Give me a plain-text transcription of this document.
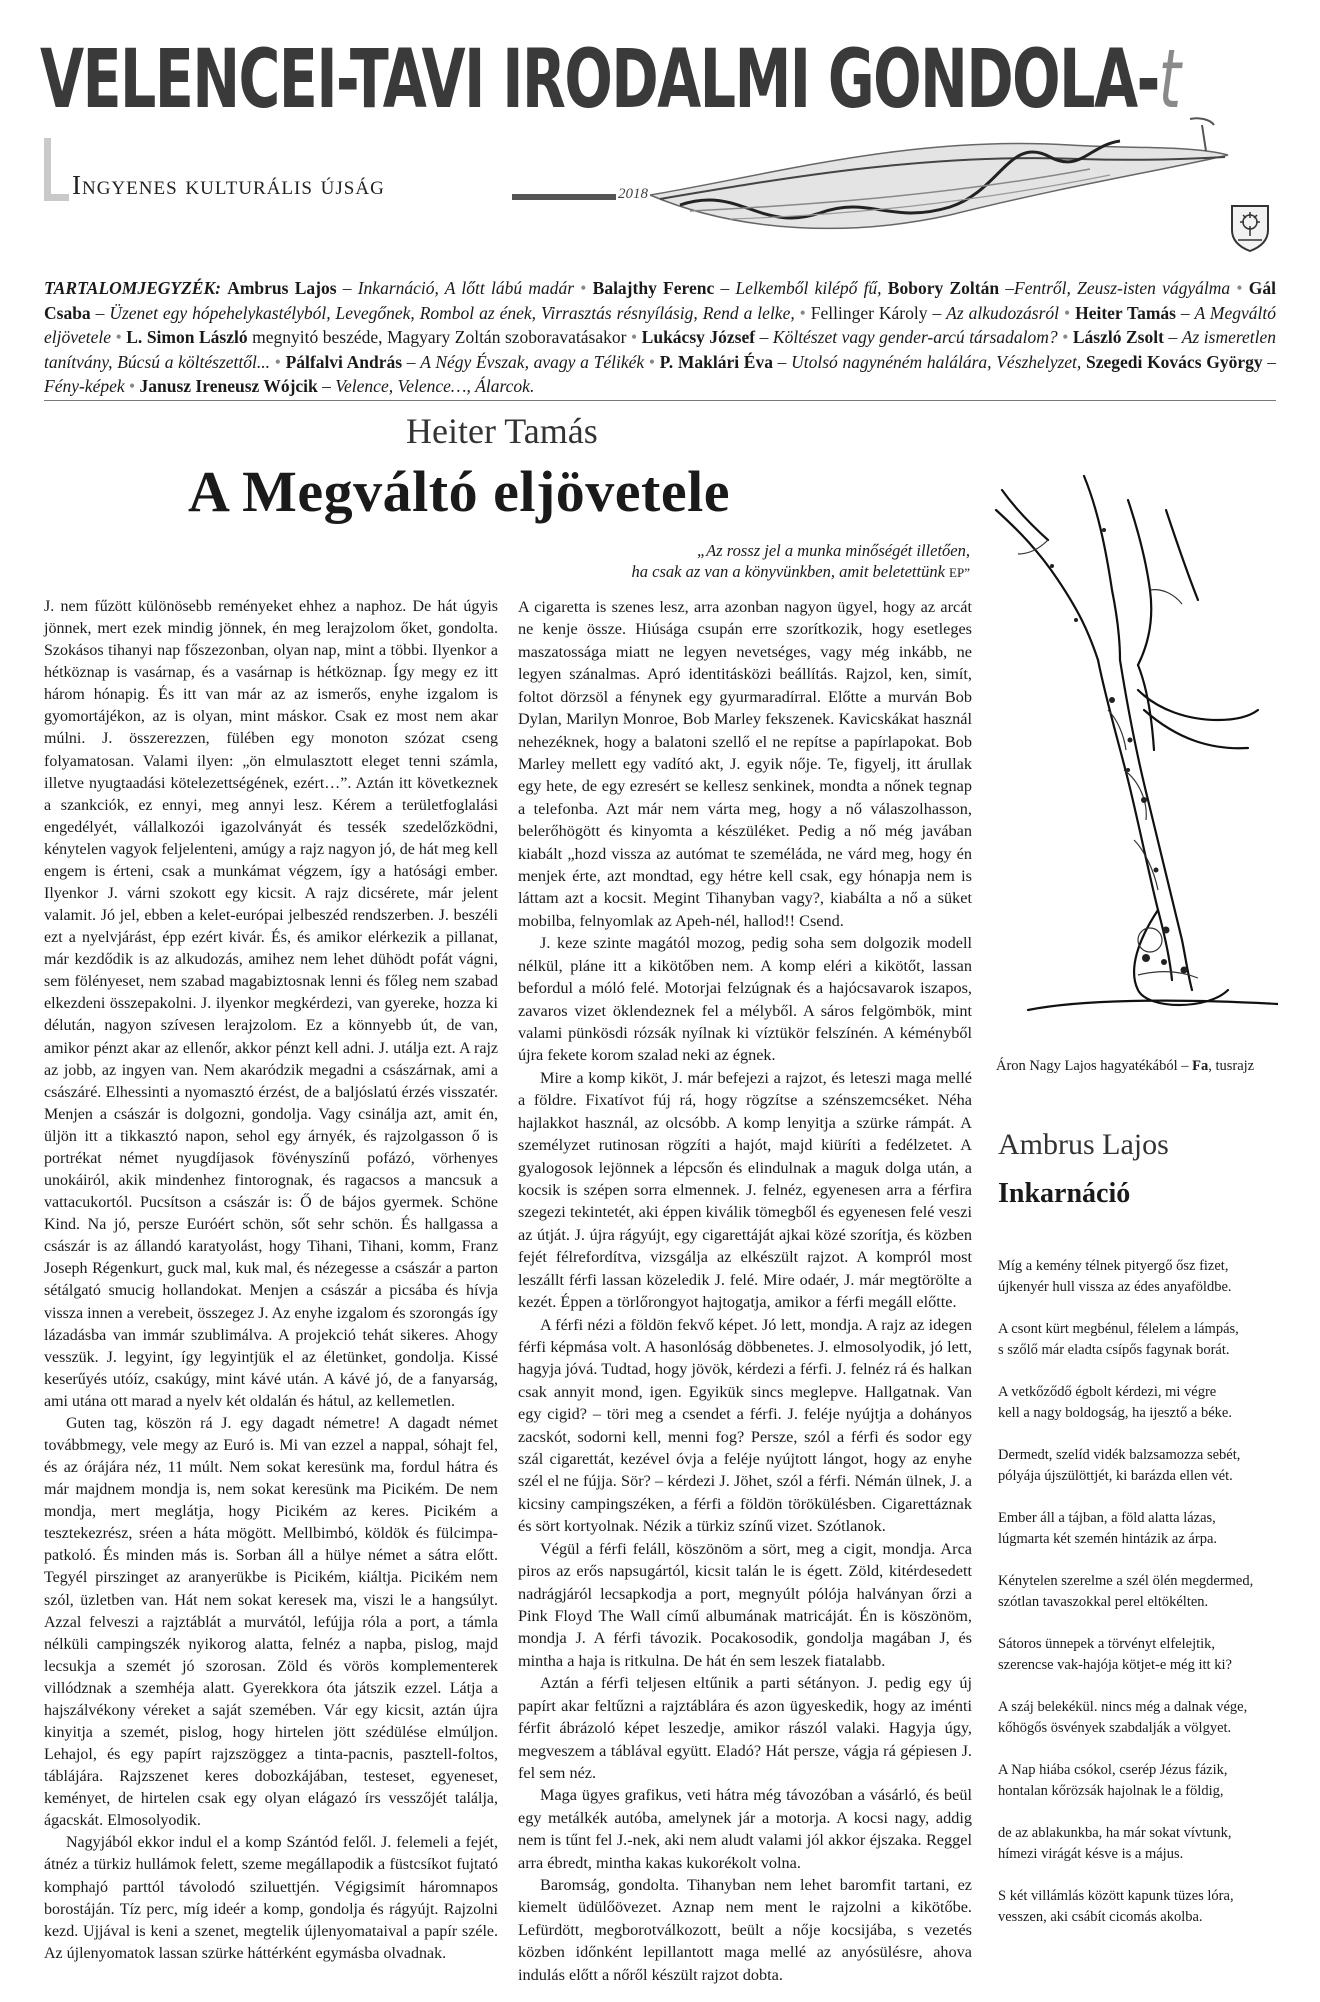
VELENCEI-TAVI IRODALMI GONDOLA-t
Ingyenes kulturális újság	2018
TARTALOMJEGYZÉK: Ambrus Lajos – Inkarnáció, A lőtt lábú madár • Balajthy Ferenc – Lelkemből kilépő fű, Bobory Zoltán –Fentről, Zeusz-isten vágyálma • Gál Csaba – Üzenet egy hópehelykastélyból, Levegőnek, Rombol az ének, Virrasztás résnyílásig, Rend a lelke, • Fellinger Károly – Az alkudozásról • Heiter Tamás – A Megváltó eljövetele • L. Simon László megnyitó beszéde, Magyary Zoltán szoboravatásakor • Lukácsy József – Költészet vagy gender-arcú társadalom? • László Zsolt – Az ismeretlen tanítvány, Búcsú a költészettől... • Pálfalvi András – A Négy Évszak, avagy a Télikék • P. Maklári Éva – Utolsó nagynéném halálára, Vészhelyzet, Szegedi Kovács György – Fény-képek • Janusz Ireneusz Wójcik – Velence, Velence…, Álarcok.
Heiter Tamás
A Megváltó eljövetele
„Az rossz jel a munka minőségét illetően,
ha csak az van a könyvünkben, amit beletettünk EP”

J. nem fűzött különösebb reményeket ehhez a naphoz. De hát úgyis jönnek, mert ezek mindig jönnek, én meg lerajzolom őket, gondolta. Szokásos tihanyi nap főszezonban, olyan nap, mint a többi. Ilyenkor a hétköznap is vasárnap, és a vasárnap is hétköznap. Így megy ez itt három hónapig. És itt van már az az ismerős, enyhe izgalom is gyomortájékon, az is olyan, mint máskor. Csak ez most nem akar múlni. J. összerezzen, fülében egy monoton szózat cseng folyamatosan. Valami ilyen: „ön elmulasztott eleget tenni számla, illetve nyugtaadási kötelezettségének, ezért…”. Aztán itt következnek a szankciók, ez ennyi, meg annyi lesz. Kérem a területfoglalási engedélyét, vállalkozói igazolványát és tessék szedelőzködni, kénytelen vagyok feljelenteni, amúgy a rajz nagyon jó, de hát meg kell engem is érteni, csak a munkámat végzem, így a hatósági ember. Ilyenkor J. várni szokott egy kicsit. A rajz dicsérete, már jelent valamit. Jó jel, ebben a kelet-európai jelbeszéd rendszerben. J. beszéli ezt a nyelvjárást, épp ezért kivár. És, és amikor elérkezik a pillanat, már kezdődik is az alkudozás, amihez nem lehet dühödt pofát vágni, sem fölényeset, nem szabad magabiztosnak lenni és főleg nem szabad elkezdeni összepakolni. J. ilyenkor megkérdezi, van gyereke, hozza ki délután, nagyon szívesen lerajzolom. Ez a könnyebb út, de van, amikor pénzt akar az ellenőr, akkor pénzt kell adni. J. utálja ezt. A rajz az jobb, az ingyen van. Nem akaródzik megadni a császárnak, ami a császáré. Elhessinti a nyomasztó érzést, de a baljóslatú érzés visszatér. Menjen a császár is dolgozni, gondolja. Vagy csinálja azt, amit én, üljön itt a tikkasztó napon, sehol egy árnyék, és rajzolgasson ő is portrékat német nyugdíjasok fövényszínű pofázó, vörhenyes unokáiról, akik mindenhez fintorognak, és ragacsos a mancsuk a vattacukortól. Pucsítson a császár is: Ő de bájos gyermek. Schöne Kind. Na jó, persze Euróért schön, sőt sehr schön. És hallgassa a császár is az állandó karatyolást, hogy Tihani, Tihani, komm, Franz Joseph Régenkurt, guck mal, kuk mal, és nézegesse a császár a parton sétálgató smucig hollandokat. Menjen a császár a picsába és hívja vissza innen a verebeit, összegez J. Az enyhe izgalom és szorongás így lázadásba van immár szublimálva. A projekció tehát sikeres. Ahogy vesszük. J. legyint, így legyintjük el az életünket, gondolja. Kissé keserűyés utóíz, csakúgy, mint kávé után. A kávé jó, de a fanyarság, ami utána ott marad a nyelv két oldalán és hátul, az kellemetlen.

Guten tag, köszön rá J. egy dagadt németre! A dagadt német továbbmegy, vele megy az Euró is. Mi van ezzel a nappal, sóhajt fel, és az órájára néz, 11 múlt. Nem sokat keresünk ma, fordul hátra és már majdnem mondja is, nem sokat keresünk ma Picikém. De nem mondja, mert meglátja, hogy Picikém az keres. Picikém a tesztekezrész, sréen a háta mögött. Mellbimbó, köldök és fülcimpa-patkoló. És minden más is. Sorban áll a hülye német a sátra előtt. Tegyél pirszinget az aranyerükbe is Picikém, kiáltja. Picikém nem szól, üzletben van. Hát nem sokat keresek ma, viszi le a hangsúlyt. Azzal felveszi a rajztáblát a murvától, lefújja róla a port, a támla nélküli campingszék nyikorog alatta, felnéz a napba, pislog, majd lecsukja a szemét jó szorosan. Zöld és vörös komplementerek villódznak a szemhéja alatt. Gyerekkora óta játszik ezzel. Látja a hajszálvékony véreket a saját szemében. Vár egy kicsit, aztán újra kinyitja a szemét, pislog, hogy hirtelen jött szédülése elmúljon. Lehajol, és egy papírt rajzszöggez a tinta-pacnis, pasztell-foltos, táblájára. Rajzszenet keres dobozkájában, testeset, egyeneset, keményet, de hirtelen csak egy olyan elágazó írs vesszőjét találja, ágacskát. Elmosolyodik.

Nagyjából ekkor indul el a komp Szántód felől. J. felemeli a fejét, átnéz a türkiz hullámok felett, szeme megállapodik a füstcsíkot fujtató komphajó parttól távolodó sziluettjén. Végigsimít háromnapos borostáján. Tíz perc, míg ideér a komp, gondolja és rágyújt. Rajzolni kezd. Ujjával is keni a szenet, megtelik újlenyomataival a papír széle. Az újlenyomatok lassan szürke háttérként egymásba olvadnak.

A cigaretta is szenes lesz, arra azonban nagyon ügyel, hogy az arcát ne kenje össze. Hiúsága csupán erre szorítkozik, hogy esetleges maszatossága miatt ne legyen nevetséges, vagy még inkább, ne legyen szánalmas. Apró identitásközi beállítás. Rajzol, ken, simít, foltot dörzsöl a fénynek egy gyurmaradírral. Előtte a murván Bob Dylan, Marilyn Monroe, Bob Marley fekszenek. Kavicskákat használ nehezéknek, hogy a balatoni szellő el ne repítse a papírlapokat. Bob Marley mellett egy vadító akt, J. egyik nője. Te, figyelj, itt árullak egy hete, de egy ezresért se kellesz senkinek, mondta a nőnek tegnap a telefonba. Azt már nem várta meg, hogy a nő válaszolhasson, belerőhögött és kinyomta a készüléket. Pedig a nő még javában kiabált „hozd vissza az autómat te személáda, ne várd meg, hogy én menjek érte, azt mondtad, egy hétre kell csak, egy hónapja nem is láttam azt a kocsit. Megint Tihanyban vagy?, kiabálta a nő a süket mobilba, felnyomlak az Apeh-nél, hallod!! Csend.

J. keze szinte magától mozog, pedig soha sem dolgozik modell nélkül, pláne itt a kikötőben nem. A komp eléri a kikötőt, lassan befordul a móló felé. Motorjai felzúgnak és a hajócsavarok iszapos, zavaros vizet öklendeznek fel a mélyből. A sáros felgömbök, mint valami pünkösdi rózsák nyílnak ki víztükör felszínén. A kéményből újra fekete korom szalad neki az égnek.

Mire a komp kiköt, J. már befejezi a rajzot, és leteszi maga mellé a földre. Fixatívot fúj rá, hogy rögzítse a szénszemcséket. Néha hajlakkot használ, az olcsóbb. A komp lenyitja a szürke rámpát. A személyzet rutinosan rögzíti a hajót, majd kiüríti a fedélzetet. A gyalogosok lejönnek a lépcsőn és elindulnak a maguk dolga után, a kocsik is szépen sorra elmennek. J. felnéz, egyenesen arra a férfira szegezi tekintetét, aki éppen kiválik tömegből és egyenesen felé veszi az útját. J. újra rágyújt, egy cigarettáját ajkai közé szorítja, és közben fejét félrefordítva, vizsgálja az elkészült rajzot. A kompról most leszállt férfi lassan közeledik J. felé. Mire odaér, J. már megtörölte a kezét. Éppen a törlőrongyot hajtogatja, amikor a férfi megáll előtte.

A férfi nézi a földön fekvő képet. Jó lett, mondja. A rajz az idegen férfi képmása volt. A hasonlóság döbbenetes. J. elmosolyodik, jó lett, hagyja jóvá. Tudtad, hogy jövök, kérdezi a férfi. J. felnéz rá és halkan csak annyit mond, igen. Egyikük sincs meglepve. Hallgatnak. Van egy cigid? – töri meg a csendet a férfi. J. feléje nyújtja a dohányos zacskót, sodorni kell, menni fog? Persze, szól a férfi és sodor egy szál cigarettát, kezével óvja a feléje nyújtott lángot, hogy az enyhe szél el ne fújja. Sör? – kérdezi J. Jöhet, szól a férfi. Némán ülnek, J. a kicsiny campingszéken, a férfi a földön törökülésben. Cigarettáznak és sört kortyolnak. Nézik a türkiz színű vizet. Szótlanok.

Végül a férfi feláll, köszönöm a sört, meg a cigit, mondja. Arca piros az erős napsugártól, kicsit talán le is égett. Zöld, kitérdesedett nadrágjáról lecsapkodja a port, megnyúlt pólója halványan őrzi a Pink Floyd The Wall című albumának matricáját. Én is köszönöm, mondja J. A férfi távozik. Pocakosodik, gondolja magában J, és mintha a haja is ritkulna. De hát én sem leszek fiatalabb.

Aztán a férfi teljesen eltűnik a parti sétányon. J. pedig egy új papírt akar feltűzni a rajztáblára és azon ügyeskedik, hogy az iménti férfit ábrázoló képet leszedje, amikor rászól valaki. Hagyja úgy, megveszem a táblával együtt. Eladó? Hát persze, vágja rá gépiesen J. fel sem néz.

Maga ügyes grafikus, veti hátra még távozóban a vásárló, és beül egy metálkék autóba, amelynek jár a motorja. A kocsi nagy, addig nem is tűnt fel J.-nek, aki nem aludt valami jól akkor éjszaka. Reggel arra ébredt, mintha kakas kukorékolt volna.

Baromság, gondolta. Tihanyban nem lehet baromfit tartani, ez kiemelt üdülőövezet. Aznap nem ment le rajzolni a kikötőbe. Lefürdött, megborotválkozott, beült a nője kocsijába, s vezetés közben időnként lepillantott maga mellé az anyósülésre, ahova indulás előtt a nőről készült rajzot dobta.

Áron Nagy Lajos hagyatékából – Fa, tusrajz
Ambrus Lajos
Inkarnáció
Míg a kemény télnek pityergő ősz fizet,
újkenyér hull vissza az édes anyaföldbe.
A csont kürt megbénul, félelem a lámpás,
s szőlő már eladta csípős fagynak borát.
A vetkőződő égbolt kérdezi, mi végre
kell a nagy boldogság, ha ijesztő a béke.
Dermedt, szelíd vidék balzsamozza sebét,
pólyája újszülöttjét, ki barázda ellen vét.
Ember áll a tájban, a föld alatta lázas,
lúgmarta két szemén hintázik az árpa.
Kénytelen szerelme a szél ölén megdermed,
szótlan tavaszokkal perel eltökélten.
Sátoros ünnepek a törvényt elfelejtik,
szerencse vak-hajója kötjet-e még itt ki?
A száj belekékül. nincs még a dalnak vége,
kőhögős ösvények szabdalják a völgyet.
A Nap hiába csókol, cserép Jézus fázik,
hontalan kőrözsák hajolnak le a földig,
de az ablakunkba, ha már sokat vívtunk,
hímezi virágát késve is a május.
S két villámlás között kapunk tüzes lóra,
vesszen, aki csábít cicomás akolba.
